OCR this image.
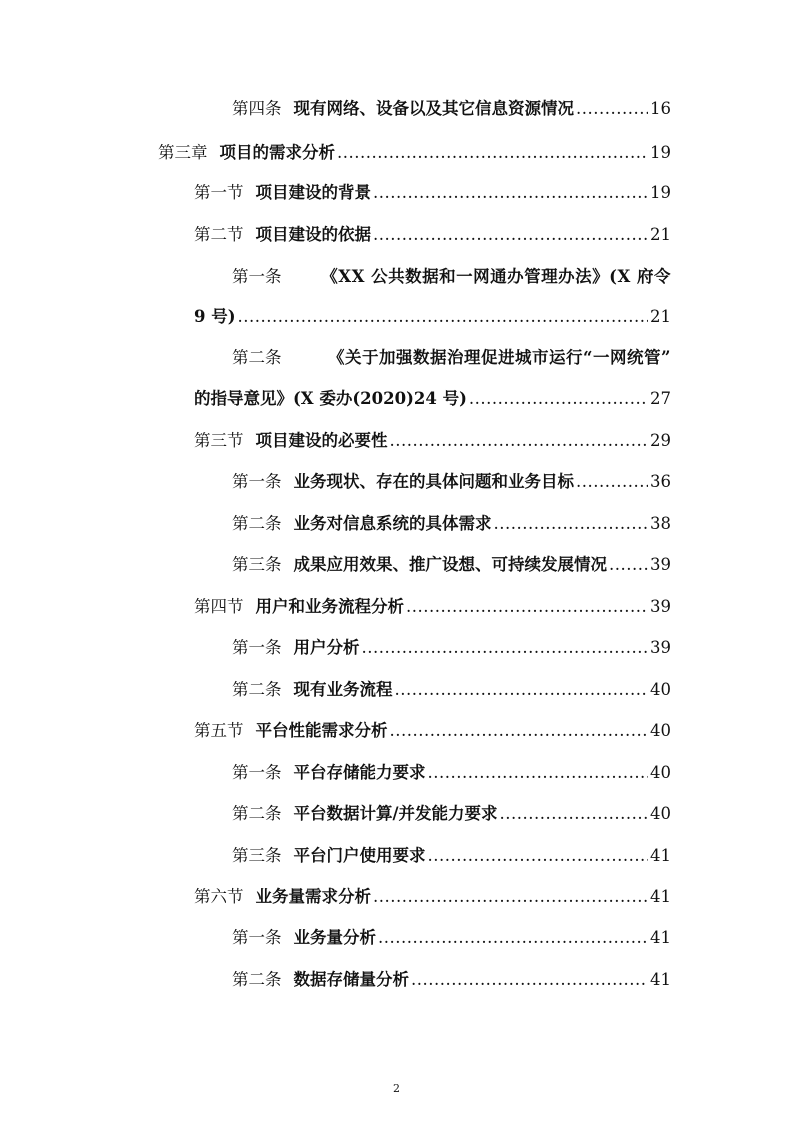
第四条 现有网络、设备以及其它信息资源情况 .....	16
第三章 项目的需求分析 .....	19
第一节 项目建设的背景 .....	19
第二节 项目建设的依据 .....	21
第一条 《XX 公共数据和一网通办管理办法》(X 府令
9 号) .....	21
第二条	《关于加强数据治理促进城市运行“一网统管”
的指导意见》(X 委办(2020)24 号) .....	27
第三节 项目建设的必要性 .....	29
第一条 业务现状、存在的具体问题和业务目标 .....	36
第二条 业务对信息系统的具体需求 .....	38
第三条 成果应用效果、推广设想、可持续发展情况 .....	39
第四节 用户和业务流程分析 .....	39
第一条 用户分析 .....	39
第二条 现有业务流程 .....	40
第五节 平台性能需求分析 .....	40
第一条 平台存储能力要求 .....	40
第二条 平台数据计算/并发能力要求 .....	40
第三条 平台门户使用要求 .....	41
第六节 业务量需求分析 .....	41
第一条 业务量分析 .....	41
第二条 数据存储量分析 .....	41
2
